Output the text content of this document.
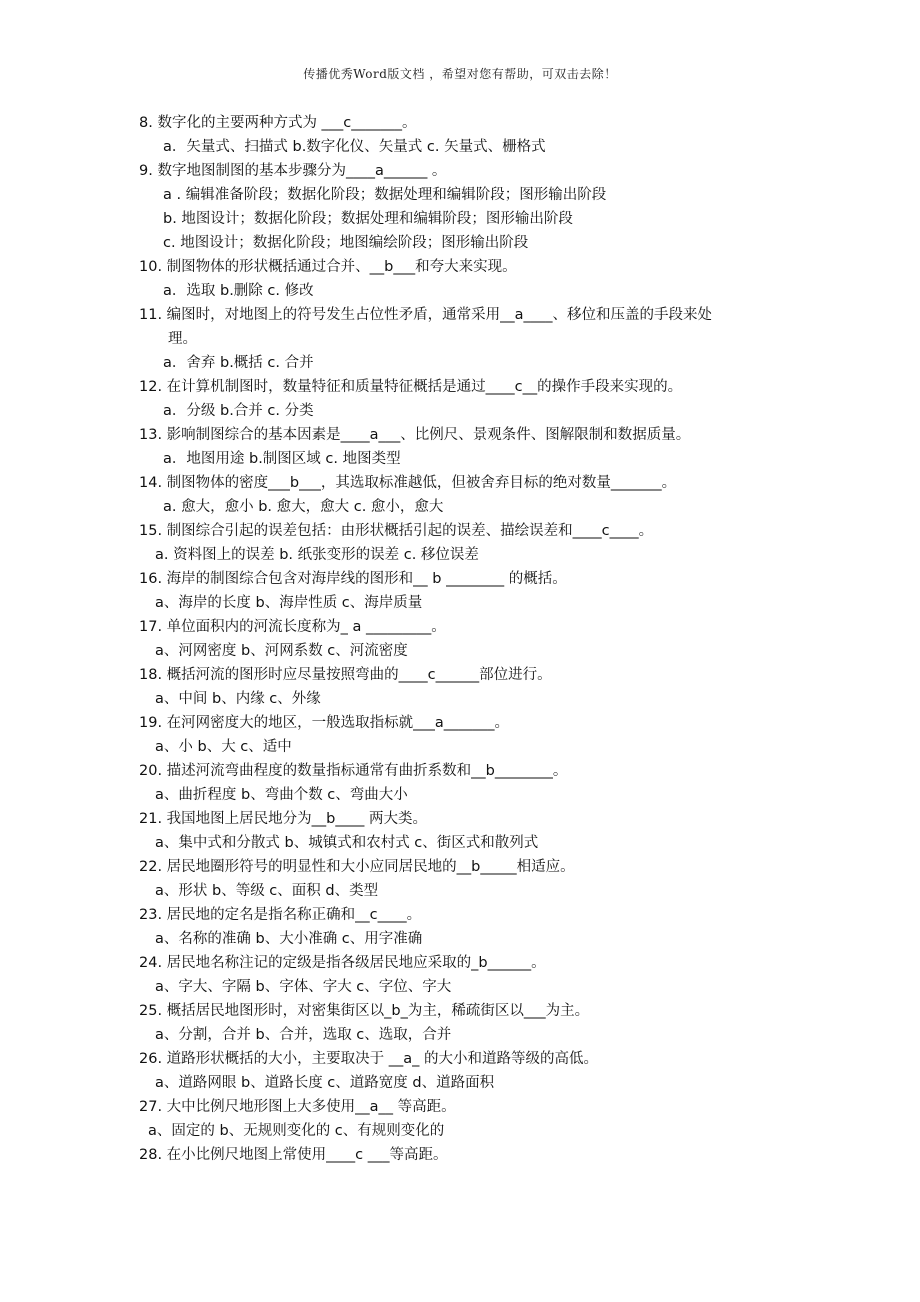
传播优秀Word版文档 ，希望对您有帮助，可双击去除！
8. 数字化的主要两种方式为 ___c_______。
a．矢量式、扫描式 b.数字化仪、矢量式 c. 矢量式、栅格式
9. 数字地图制图的基本步骤分为____a______ 。
a . 编辑准备阶段；数据化阶段；数据处理和编辑阶段；图形输出阶段
b. 地图设计；数据化阶段；数据处理和编辑阶段；图形输出阶段
c. 地图设计；数据化阶段；地图编绘阶段；图形输出阶段
10. 制图物体的形状概括通过合并、__b___和夸大来实现。
a．选取 b.删除 c. 修改
11. 编图时，对地图上的符号发生占位性矛盾，通常采用__a____、移位和压盖的手段来处
理。
a．舍弃 b.概括 c. 合并
12. 在计算机制图时，数量特征和质量特征概括是通过____c__的操作手段来实现的。
a．分级 b.合并 c. 分类
13. 影响制图综合的基本因素是____a___、比例尺、景观条件、图解限制和数据质量。
a．地图用途 b.制图区域 c. 地图类型
14. 制图物体的密度___b___，其选取标准越低，但被舍弃目标的绝对数量_______。
a. 愈大，愈小 b. 愈大，愈大 c. 愈小，愈大
15. 制图综合引起的误差包括：由形状概括引起的误差、描绘误差和____c____。
a. 资料图上的误差 b. 纸张变形的误差 c. 移位误差
16. 海岸的制图综合包含对海岸线的图形和__ b ________ 的概括。
a、海岸的长度 b、海岸性质 c、海岸质量
17. 单位面积内的河流长度称为_ a _________。
a、河网密度 b、河网系数 c、河流密度
18. 概括河流的图形时应尽量按照弯曲的____c______部位进行。
a、中间 b、内缘 c、外缘
19. 在河网密度大的地区，一般选取指标就___a_______。
a、小 b、大 c、适中
20. 描述河流弯曲程度的数量指标通常有曲折系数和__b________。
a、曲折程度 b、弯曲个数 c、弯曲大小
21. 我国地图上居民地分为__b____ 两大类。
a、集中式和分散式 b、城镇式和农村式 c、街区式和散列式
22. 居民地圈形符号的明显性和大小应同居民地的__b_____相适应。
a、形状 b、等级 c、面积 d、类型
23. 居民地的定名是指名称正确和__c____。
a、名称的准确 b、大小准确 c、用字准确
24. 居民地名称注记的定级是指各级居民地应采取的_b______。
a、字大、字隔 b、字体、字大 c、字位、字大
25. 概括居民地图形时，对密集街区以_b_为主，稀疏街区以___为主。
a、分割，合并 b、合并，选取 c、选取，合并
26. 道路形状概括的大小，主要取决于 __a_ 的大小和道路等级的高低。
a、道路网眼 b、道路长度 c、道路宽度 d、道路面积
27. 大中比例尺地形图上大多使用__a__ 等高距。
a、固定的 b、无规则变化的 c、有规则变化的
28. 在小比例尺地图上常使用____c ___等高距。
